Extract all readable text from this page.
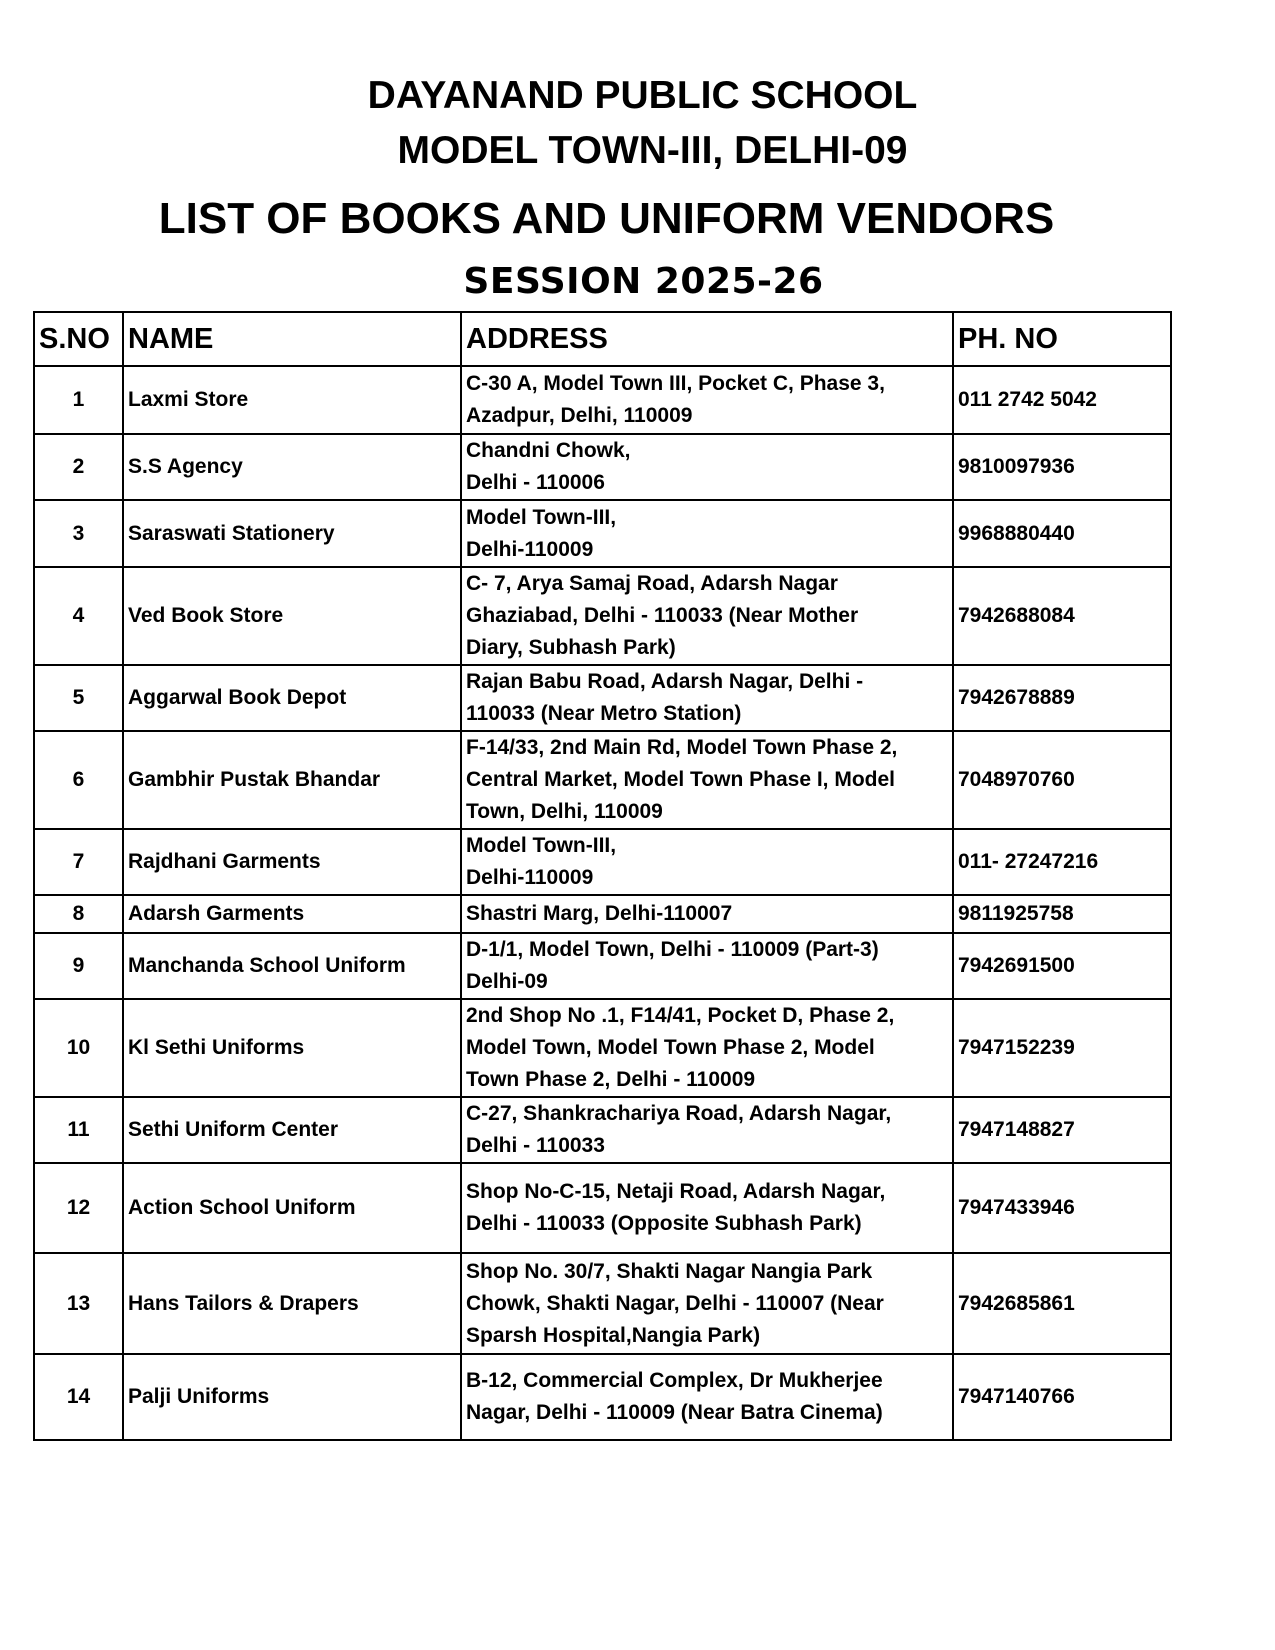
DAYANAND PUBLIC SCHOOL
MODEL TOWN-III, DELHI-09
LIST OF BOOKS AND UNIFORM VENDORS
SESSION 2025-26
S.NO	NAME	ADDRESS	PH. NO
1	Laxmi Store	C-30 A, Model Town III, Pocket C, Phase 3,
Azadpur, Delhi, 110009	011 2742 5042
2	S.S Agency	Chandni Chowk,
Delhi - 110006	9810097936
3	Saraswati Stationery	Model Town-III,
Delhi-110009	9968880440
4	Ved Book Store	C- 7, Arya Samaj Road, Adarsh Nagar
Ghaziabad, Delhi - 110033 (Near Mother
Diary, Subhash Park)	7942688084
5	Aggarwal Book Depot	Rajan Babu Road, Adarsh Nagar, Delhi -
110033 (Near Metro Station)	7942678889
6	Gambhir Pustak Bhandar	F-14/33, 2nd Main Rd, Model Town Phase 2,
Central Market, Model Town Phase I, Model
Town, Delhi, 110009	7048970760
7	Rajdhani Garments	Model Town-III,
Delhi-110009	011- 27247216
8	Adarsh Garments	Shastri Marg, Delhi-110007	9811925758
9	Manchanda School Uniform	D-1/1, Model Town, Delhi - 110009 (Part-3)
Delhi-09	7942691500
10	Kl Sethi Uniforms	2nd Shop No .1, F14/41, Pocket D, Phase 2,
Model Town, Model Town Phase 2, Model
Town Phase 2, Delhi - 110009	7947152239
11	Sethi Uniform Center	C-27, Shankrachariya Road, Adarsh Nagar,
Delhi - 110033	7947148827
12	Action School Uniform	Shop No-C-15, Netaji Road, Adarsh Nagar,
Delhi - 110033 (Opposite Subhash Park)	7947433946
13	Hans Tailors & Drapers	Shop No. 30/7, Shakti Nagar Nangia Park
Chowk, Shakti Nagar, Delhi - 110007 (Near
Sparsh Hospital,Nangia Park)	7942685861
14	Palji Uniforms	B-12, Commercial Complex, Dr Mukherjee
Nagar, Delhi - 110009 (Near Batra Cinema)	7947140766
